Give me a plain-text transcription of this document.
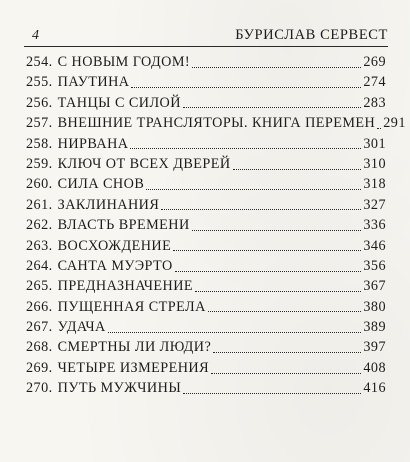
4	БУРИСЛАВ СЕРВЕСТ
254. С НОВЫМ ГОДОМ!	269
255. ПАУТИНА	274
256. ТАНЦЫ С СИЛОЙ	283
257. ВНЕШНИЕ ТРАНСЛЯТОРЫ. КНИГА ПЕРЕМЕН 291
258. НИРВАНА	301
259. КЛЮЧ ОТ ВСЕХ ДВЕРЕЙ	310
260. СИЛА СНОВ	318
261. ЗАКЛИНАНИЯ	327
262. ВЛАСТЬ ВРЕМЕНИ	336
263. ВОСХОЖДЕНИЕ	346
264. САНТА МУЭРТО	356
265. ПРЕДНАЗНАЧЕНИЕ	367
266. ПУЩЕННАЯ СТРЕЛА	380
267. УДАЧА	389
268. СМЕРТНЫ ЛИ ЛЮДИ?	397
269. ЧЕТЫРЕ ИЗМЕРЕНИЯ	408
270. ПУТЬ МУЖЧИНЫ	416
